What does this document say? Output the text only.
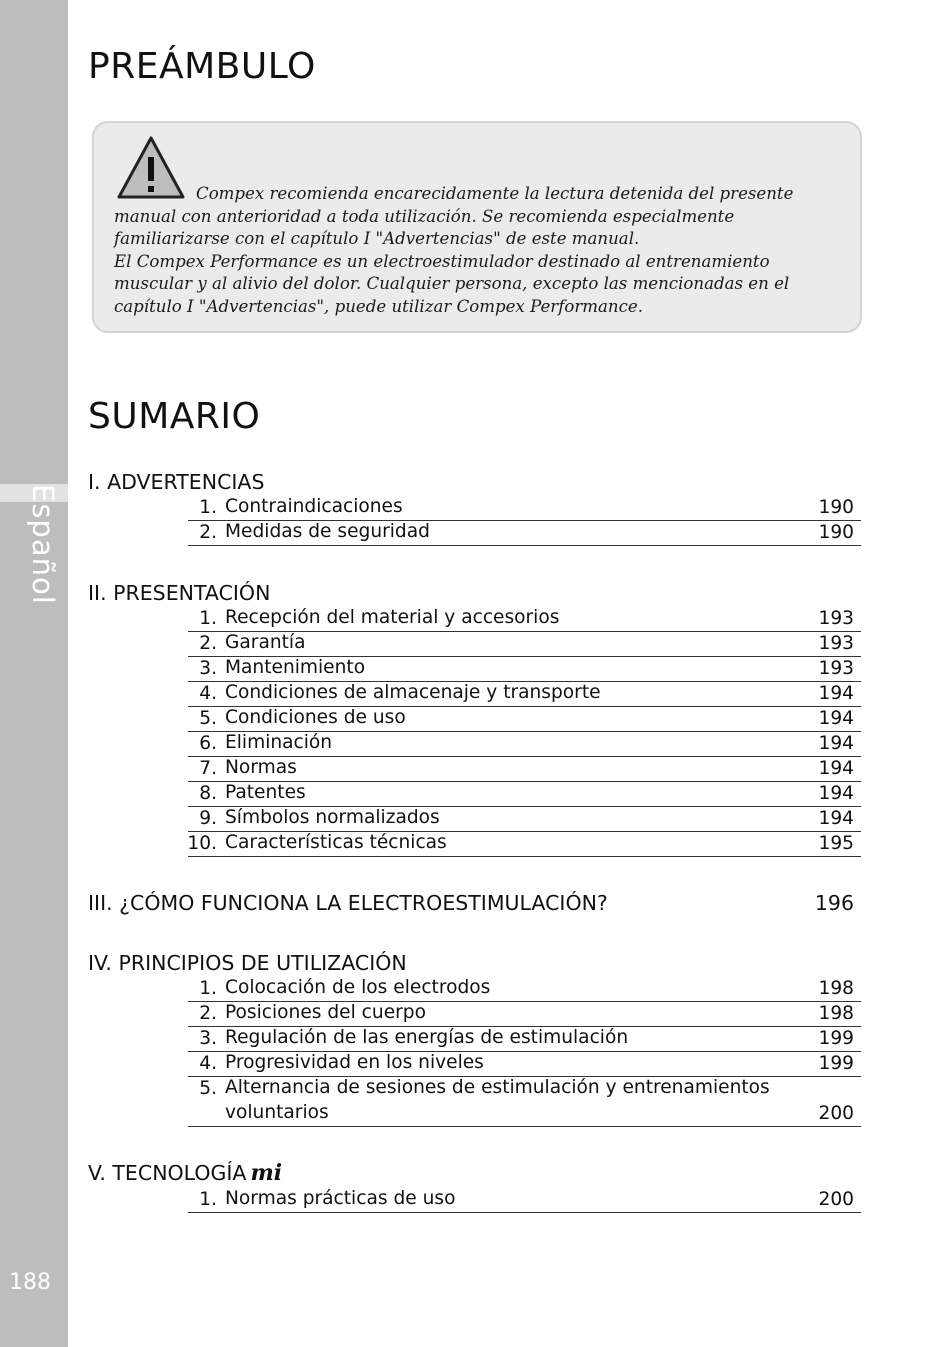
Español
188
PREÁMBULO

Compex recomienda encarecidamente la lectura detenida del presente
manual con anterioridad a toda utilización. Se recomienda especialmente
familiarizarse con el capítulo I "Advertencias" de este manual.
El Compex Performance es un electroestimulador destinado al entrenamiento
muscular y al alivio del dolor. Cualquier persona, excepto las mencionadas en el
capítulo I "Advertencias", puede utilizar Compex Performance.

SUMARIO
I. ADVERTENCIAS
1. Contraindicaciones	190
2. Medidas de seguridad	190
II. PRESENTACIÓN
1. Recepción del material y accesorios	193
2. Garantía	193
3. Mantenimiento	193
4. Condiciones de almacenaje y transporte	194
5. Condiciones de uso	194
6. Eliminación	194
7. Normas	194
8. Patentes	194
9. Símbolos normalizados	194
10. Características técnicas	195
III. ¿CÓMO FUNCIONA LA ELECTROESTIMULACIÓN?	196
IV. PRINCIPIOS DE UTILIZACIÓN
1. Colocación de los electrodos	198
2. Posiciones del cuerpo	198
3. Regulación de las energías de estimulación	199
4. Progresividad en los niveles	199
5. Alternancia de sesiones de estimulación y entrenamientos voluntarios	200
V. TECNOLOGÍA mi
1. Normas prácticas de uso	200
